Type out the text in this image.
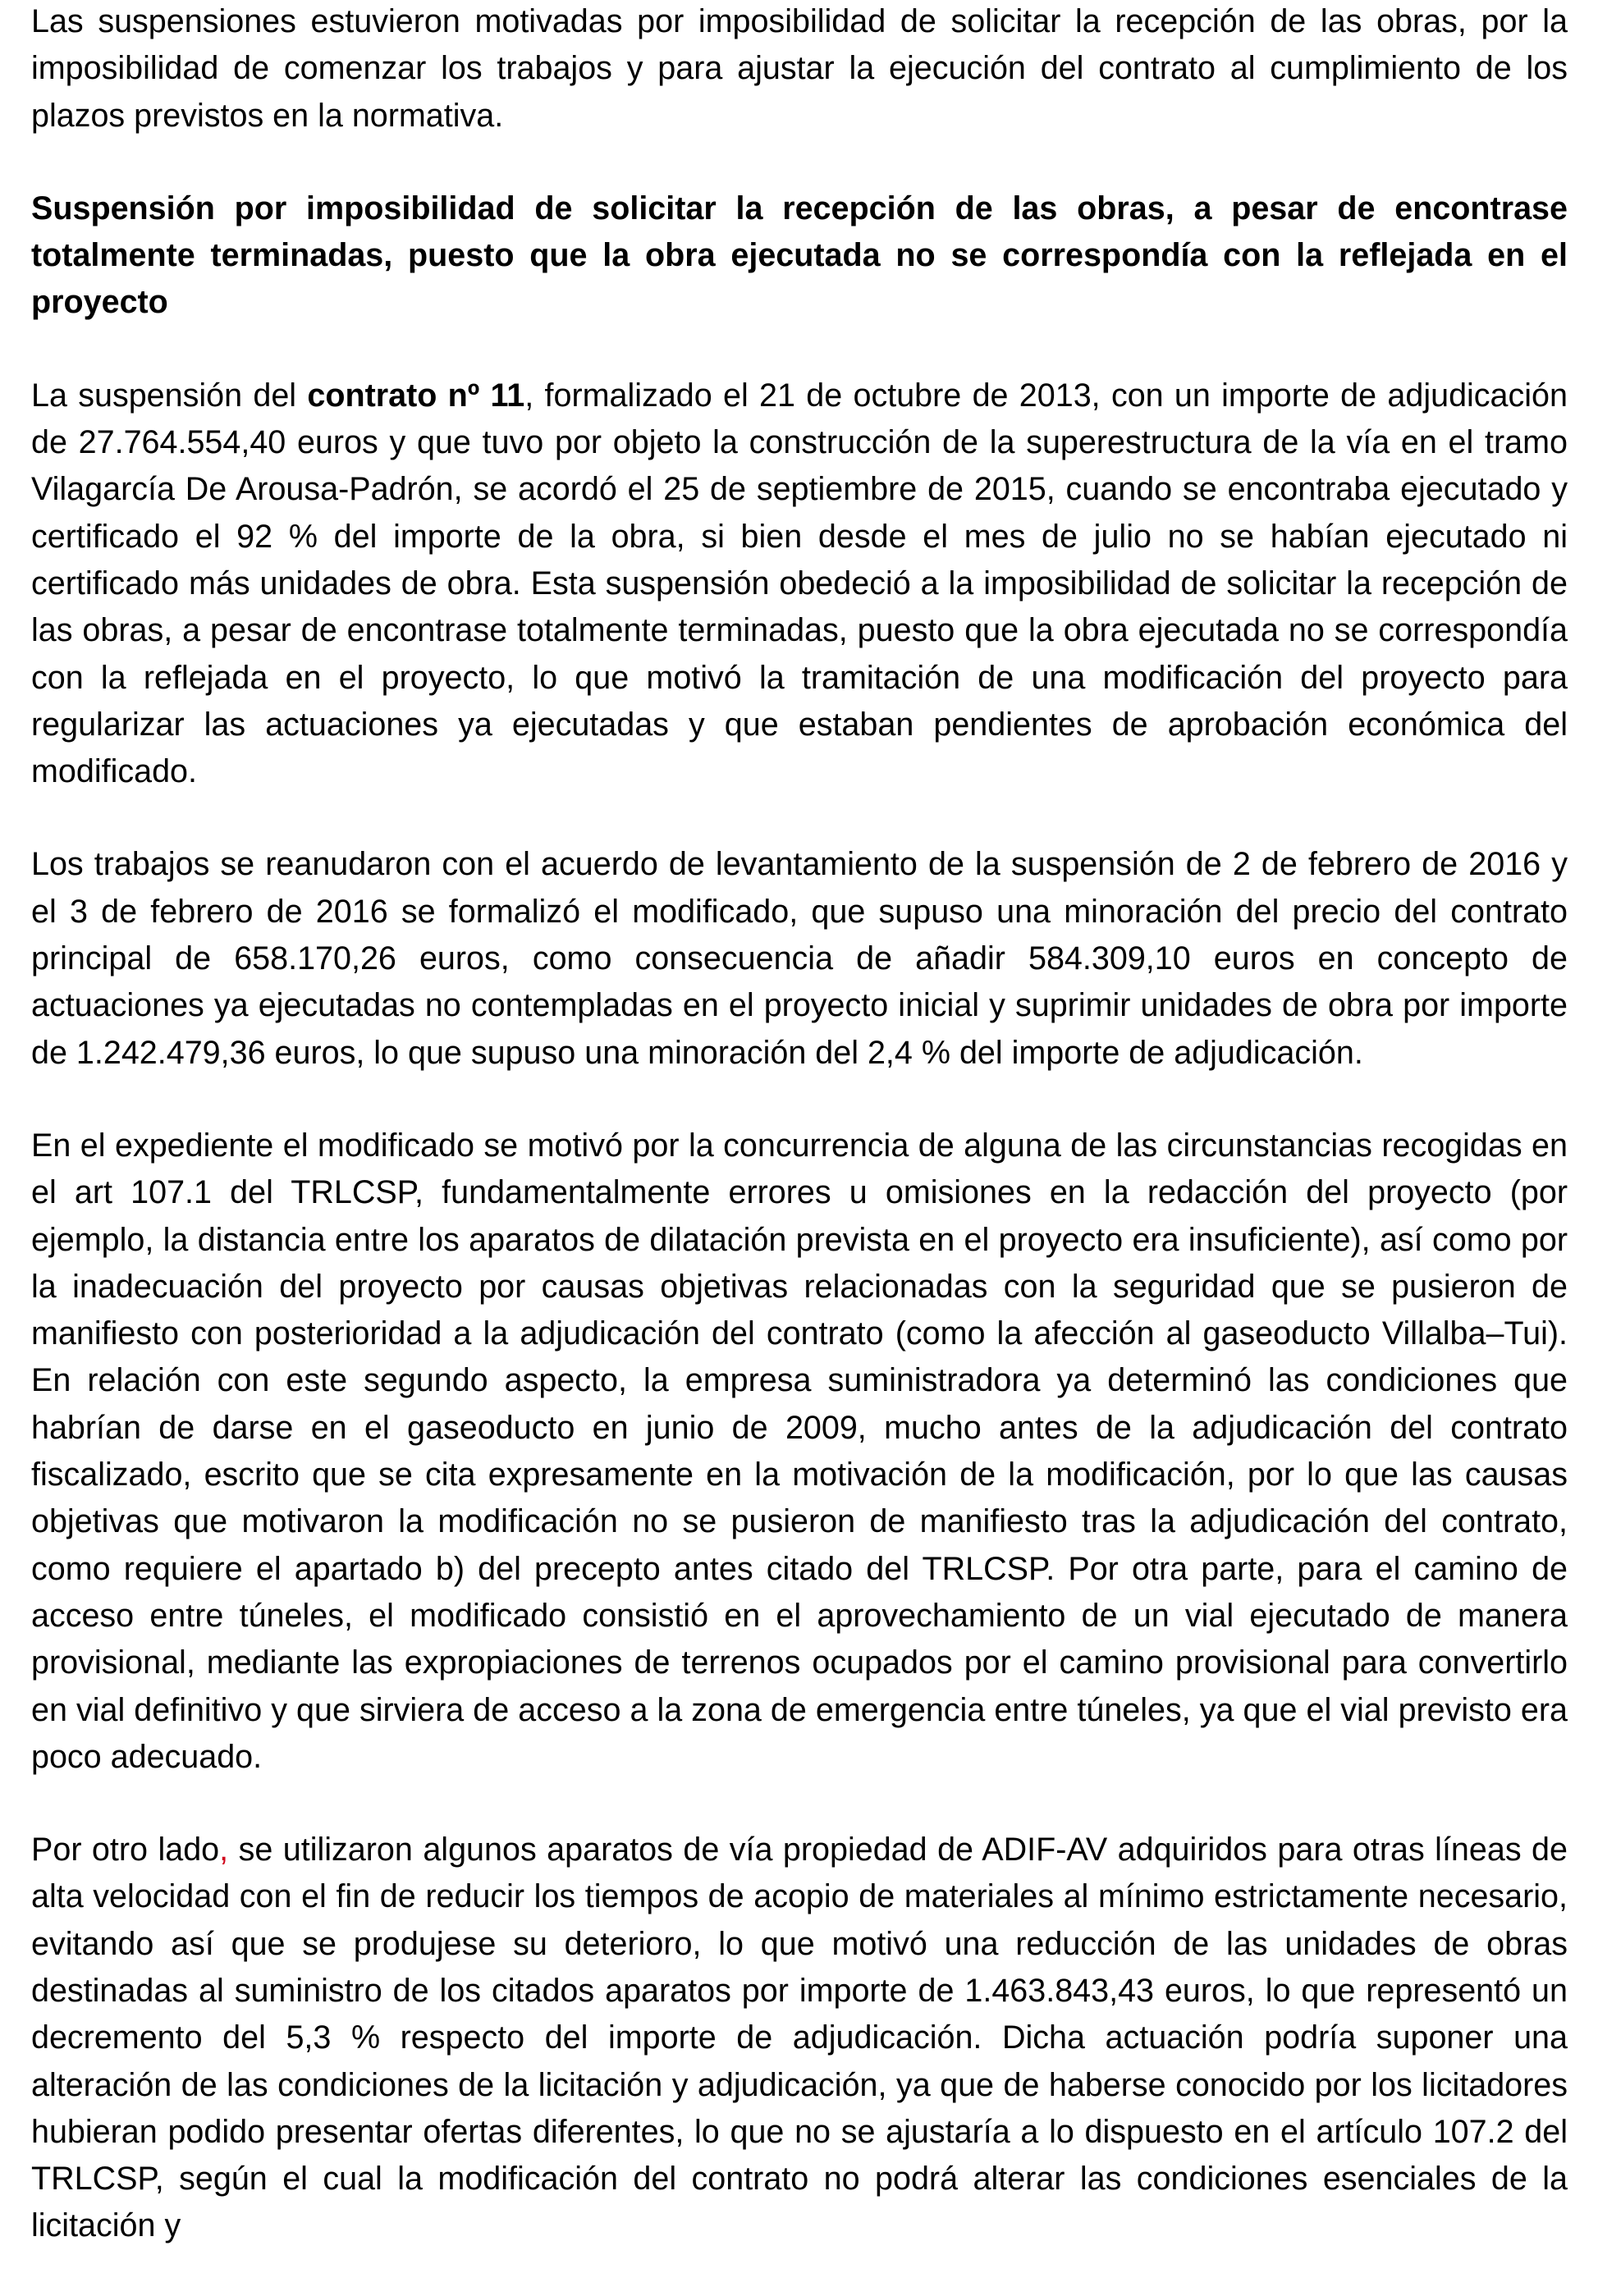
Las suspensiones estuvieron motivadas por imposibilidad de solicitar la recepción de las obras, por la imposibilidad de comenzar los trabajos y para ajustar la ejecución del contrato al cumplimiento de los plazos previstos en la normativa.

Suspensión por imposibilidad de solicitar la recepción de las obras, a pesar de encontrase totalmente terminadas, puesto que la obra ejecutada no se correspondía con la reflejada en el proyecto

La suspensión del contrato nº 11, formalizado el 21 de octubre de 2013, con un importe de adjudicación de 27.764.554,40 euros y que tuvo por objeto la construcción de la superestructura de la vía en el tramo Vilagarcía De Arousa-Padrón, se acordó el 25 de septiembre de 2015, cuando se encontraba ejecutado y certificado el 92 % del importe de la obra, si bien desde el mes de julio no se habían ejecutado ni certificado más unidades de obra. Esta suspensión obedeció a la imposibilidad de solicitar la recepción de las obras, a pesar de encontrase totalmente terminadas, puesto que la obra ejecutada no se correspondía con la reflejada en el proyecto, lo que motivó la tramitación de una modificación del proyecto para regularizar las actuaciones ya ejecutadas y que estaban pendientes de aprobación económica del modificado.

Los trabajos se reanudaron con el acuerdo de levantamiento de la suspensión de 2 de febrero de 2016 y el 3 de febrero de 2016 se formalizó el modificado, que supuso una minoración del precio del contrato principal de 658.170,26 euros, como consecuencia de añadir 584.309,10 euros en concepto de actuaciones ya ejecutadas no contempladas en el proyecto inicial y suprimir unidades de obra por importe de 1.242.479,36 euros, lo que supuso una minoración del 2,4 % del importe de adjudicación.

En el expediente el modificado se motivó por la concurrencia de alguna de las circunstancias recogidas en el art 107.1 del TRLCSP, fundamentalmente errores u omisiones en la redacción del proyecto (por ejemplo, la distancia entre los aparatos de dilatación prevista en el proyecto era insuficiente), así como por la inadecuación del proyecto por causas objetivas relacionadas con la seguridad que se pusieron de manifiesto con posterioridad a la adjudicación del contrato (como la afección al gaseoducto Villalba–Tui). En relación con este segundo aspecto, la empresa suministradora ya determinó las condiciones que habrían de darse en el gaseoducto en junio de 2009, mucho antes de la adjudicación del contrato fiscalizado, escrito que se cita expresamente en la motivación de la modificación, por lo que las causas objetivas que motivaron la modificación no se pusieron de manifiesto tras la adjudicación del contrato, como requiere el apartado b) del precepto antes citado del TRLCSP. Por otra parte, para el camino de acceso entre túneles, el modificado consistió en el aprovechamiento de un vial ejecutado de manera provisional, mediante las expropiaciones de terrenos ocupados por el camino provisional para convertirlo en vial definitivo y que sirviera de acceso a la zona de emergencia entre túneles, ya que el vial previsto era poco adecuado.

Por otro lado, se utilizaron algunos aparatos de vía propiedad de ADIF-AV adquiridos para otras líneas de alta velocidad con el fin de reducir los tiempos de acopio de materiales al mínimo estrictamente necesario, evitando así que se produjese su deterioro, lo que motivó una reducción de las unidades de obras destinadas al suministro de los citados aparatos por importe de 1.463.843,43 euros, lo que representó un decremento del 5,3 % respecto del importe de adjudicación. Dicha actuación podría suponer una alteración de las condiciones de la licitación y adjudicación, ya que de haberse conocido por los licitadores hubieran podido presentar ofertas diferentes, lo que no se ajustaría a lo dispuesto en el artículo 107.2 del TRLCSP, según el cual la modificación del contrato no podrá alterar las condiciones esenciales de la licitación y
